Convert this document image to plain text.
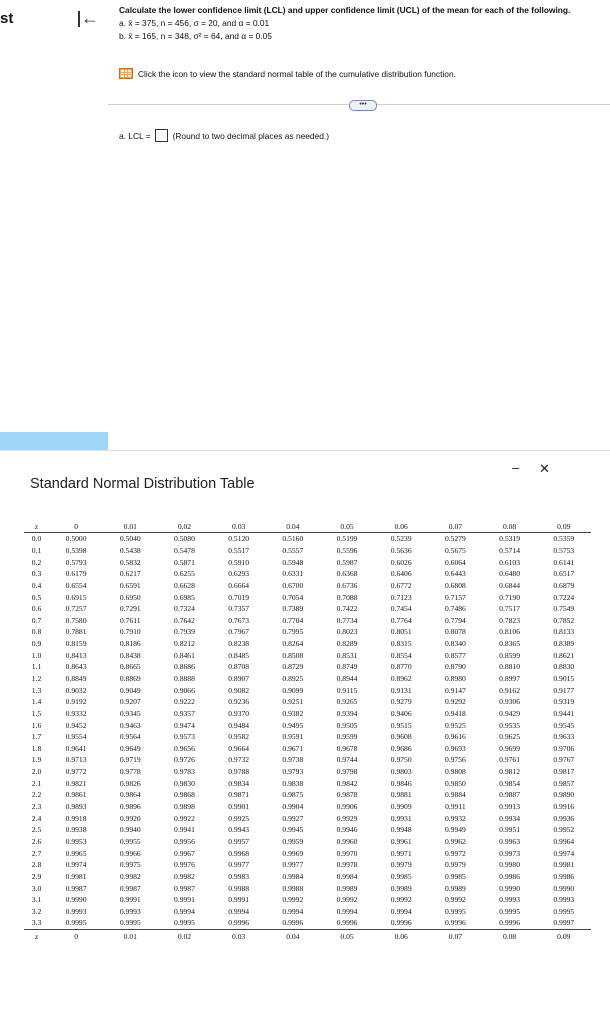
st	← Calculate the lower confidence limit (LCL) and upper confidence limit (UCL) of the mean for each of the following.
a. x̄ = 375, n = 456, σ = 20, and α = 0.01
b. x̄ = 165, n = 348, σ² = 64, and α = 0.05
Click the icon to view the standard normal table of the cumulative distribution function.
•••
a. LCL =	(Round to two decimal places as needed.)
Standard Normal Distribution Table
– ✕
z	0	0.01	0.02	0.03	0.04	0.05	0.06	0.07	0.08	0.09
0.0	0.5000	0.5040	0.5080	0.5120	0.5160	0.5199	0.5239	0.5279	0.5319	0.5359
0.1	0.5398	0.5438	0.5478	0.5517	0.5557	0.5596	0.5636	0.5675	0.5714	0.5753
0.2	0.5793	0.5832	0.5871	0.5910	0.5948	0.5987	0.6026	0.6064	0.6103	0.6141
0.3	0.6179	0.6217	0.6255	0.6293	0.6331	0.6368	0.6406	0.6443	0.6480	0.6517
0.4	0.6554	0.6591	0.6628	0.6664	0.6700	0.6736	0.6772	0.6808	0.6844	0.6879
0.5	0.6915	0.6950	0.6985	0.7019	0.7054	0.7088	0.7123	0.7157	0.7190	0.7224
0.6	0.7257	0.7291	0.7324	0.7357	0.7389	0.7422	0.7454	0.7486	0.7517	0.7549
0.7	0.7580	0.7611	0.7642	0.7673	0.7704	0.7734	0.7764	0.7794	0.7823	0.7852
0.8	0.7881	0.7910	0.7939	0.7967	0.7995	0.8023	0.8051	0.8078	0.8106	0.8133
0.9	0.8159	0.8186	0.8212	0.8238	0.8264	0.8289	0.8315	0.8340	0.8365	0.8389
1.0	0.8413	0.8438	0.8461	0.8485	0.8508	0.8531	0.8554	0.8577	0.8599	0.8621
1.1	0.8643	0.8665	0.8686	0.8708	0.8729	0.8749	0.8770	0.8790	0.8810	0.8830
1.2	0.8849	0.8869	0.8888	0.8907	0.8925	0.8944	0.8962	0.8980	0.8997	0.9015
1.3	0.9032	0.9049	0.9066	0.9082	0.9099	0.9115	0.9131	0.9147	0.9162	0.9177
1.4	0.9192	0.9207	0.9222	0.9236	0.9251	0.9265	0.9279	0.9292	0.9306	0.9319
1.5	0.9332	0.9345	0.9357	0.9370	0.9382	0.9394	0.9406	0.9418	0.9429	0.9441
1.6	0.9452	0.9463	0.9474	0.9484	0.9495	0.9505	0.9515	0.9525	0.9535	0.9545
1.7	0.9554	0.9564	0.9573	0.9582	0.9591	0.9599	0.9608	0.9616	0.9625	0.9633
1.8	0.9641	0.9649	0.9656	0.9664	0.9671	0.9678	0.9686	0.9693	0.9699	0.9706
1.9	0.9713	0.9719	0.9726	0.9732	0.9738	0.9744	0.9750	0.9756	0.9761	0.9767
2.0	0.9772	0.9778	0.9783	0.9788	0.9793	0.9798	0.9803	0.9808	0.9812	0.9817
2.1	0.9821	0.9826	0.9830	0.9834	0.9838	0.9842	0.9846	0.9850	0.9854	0.9857
2.2	0.9861	0.9864	0.9868	0.9871	0.9875	0.9878	0.9881	0.9884	0.9887	0.9890
2.3	0.9893	0.9896	0.9898	0.9901	0.9904	0.9906	0.9909	0.9911	0.9913	0.9916
2.4	0.9918	0.9920	0.9922	0.9925	0.9927	0.9929	0.9931	0.9932	0.9934	0.9936
2.5	0.9938	0.9940	0.9941	0.9943	0.9945	0.9946	0.9948	0.9949	0.9951	0.9952
2.6	0.9953	0.9955	0.9956	0.9957	0.9959	0.9960	0.9961	0.9962	0.9963	0.9964
2.7	0.9965	0.9966	0.9967	0.9968	0.9969	0.9970	0.9971	0.9972	0.9973	0.9974
2.8	0.9974	0.9975	0.9976	0.9977	0.9977	0.9978	0.9979	0.9979	0.9980	0.9981
2.9	0.9981	0.9982	0.9982	0.9983	0.9984	0.9984	0.9985	0.9985	0.9986	0.9986
3.0	0.9987	0.9987	0.9987	0.9988	0.9988	0.9989	0.9989	0.9989	0.9990	0.9990
3.1	0.9990	0.9991	0.9991	0.9991	0.9992	0.9992	0.9992	0.9992	0.9993	0.9993
3.2	0.9993	0.9993	0.9994	0.9994	0.9994	0.9994	0.9994	0.9995	0.9995	0.9995
3.3	0.9995	0.9995	0.9995	0.9996	0.9996	0.9996	0.9996	0.9996	0.9996	0.9997
z	0	0.01	0.02	0.03	0.04	0.05	0.06	0.07	0.08	0.09
